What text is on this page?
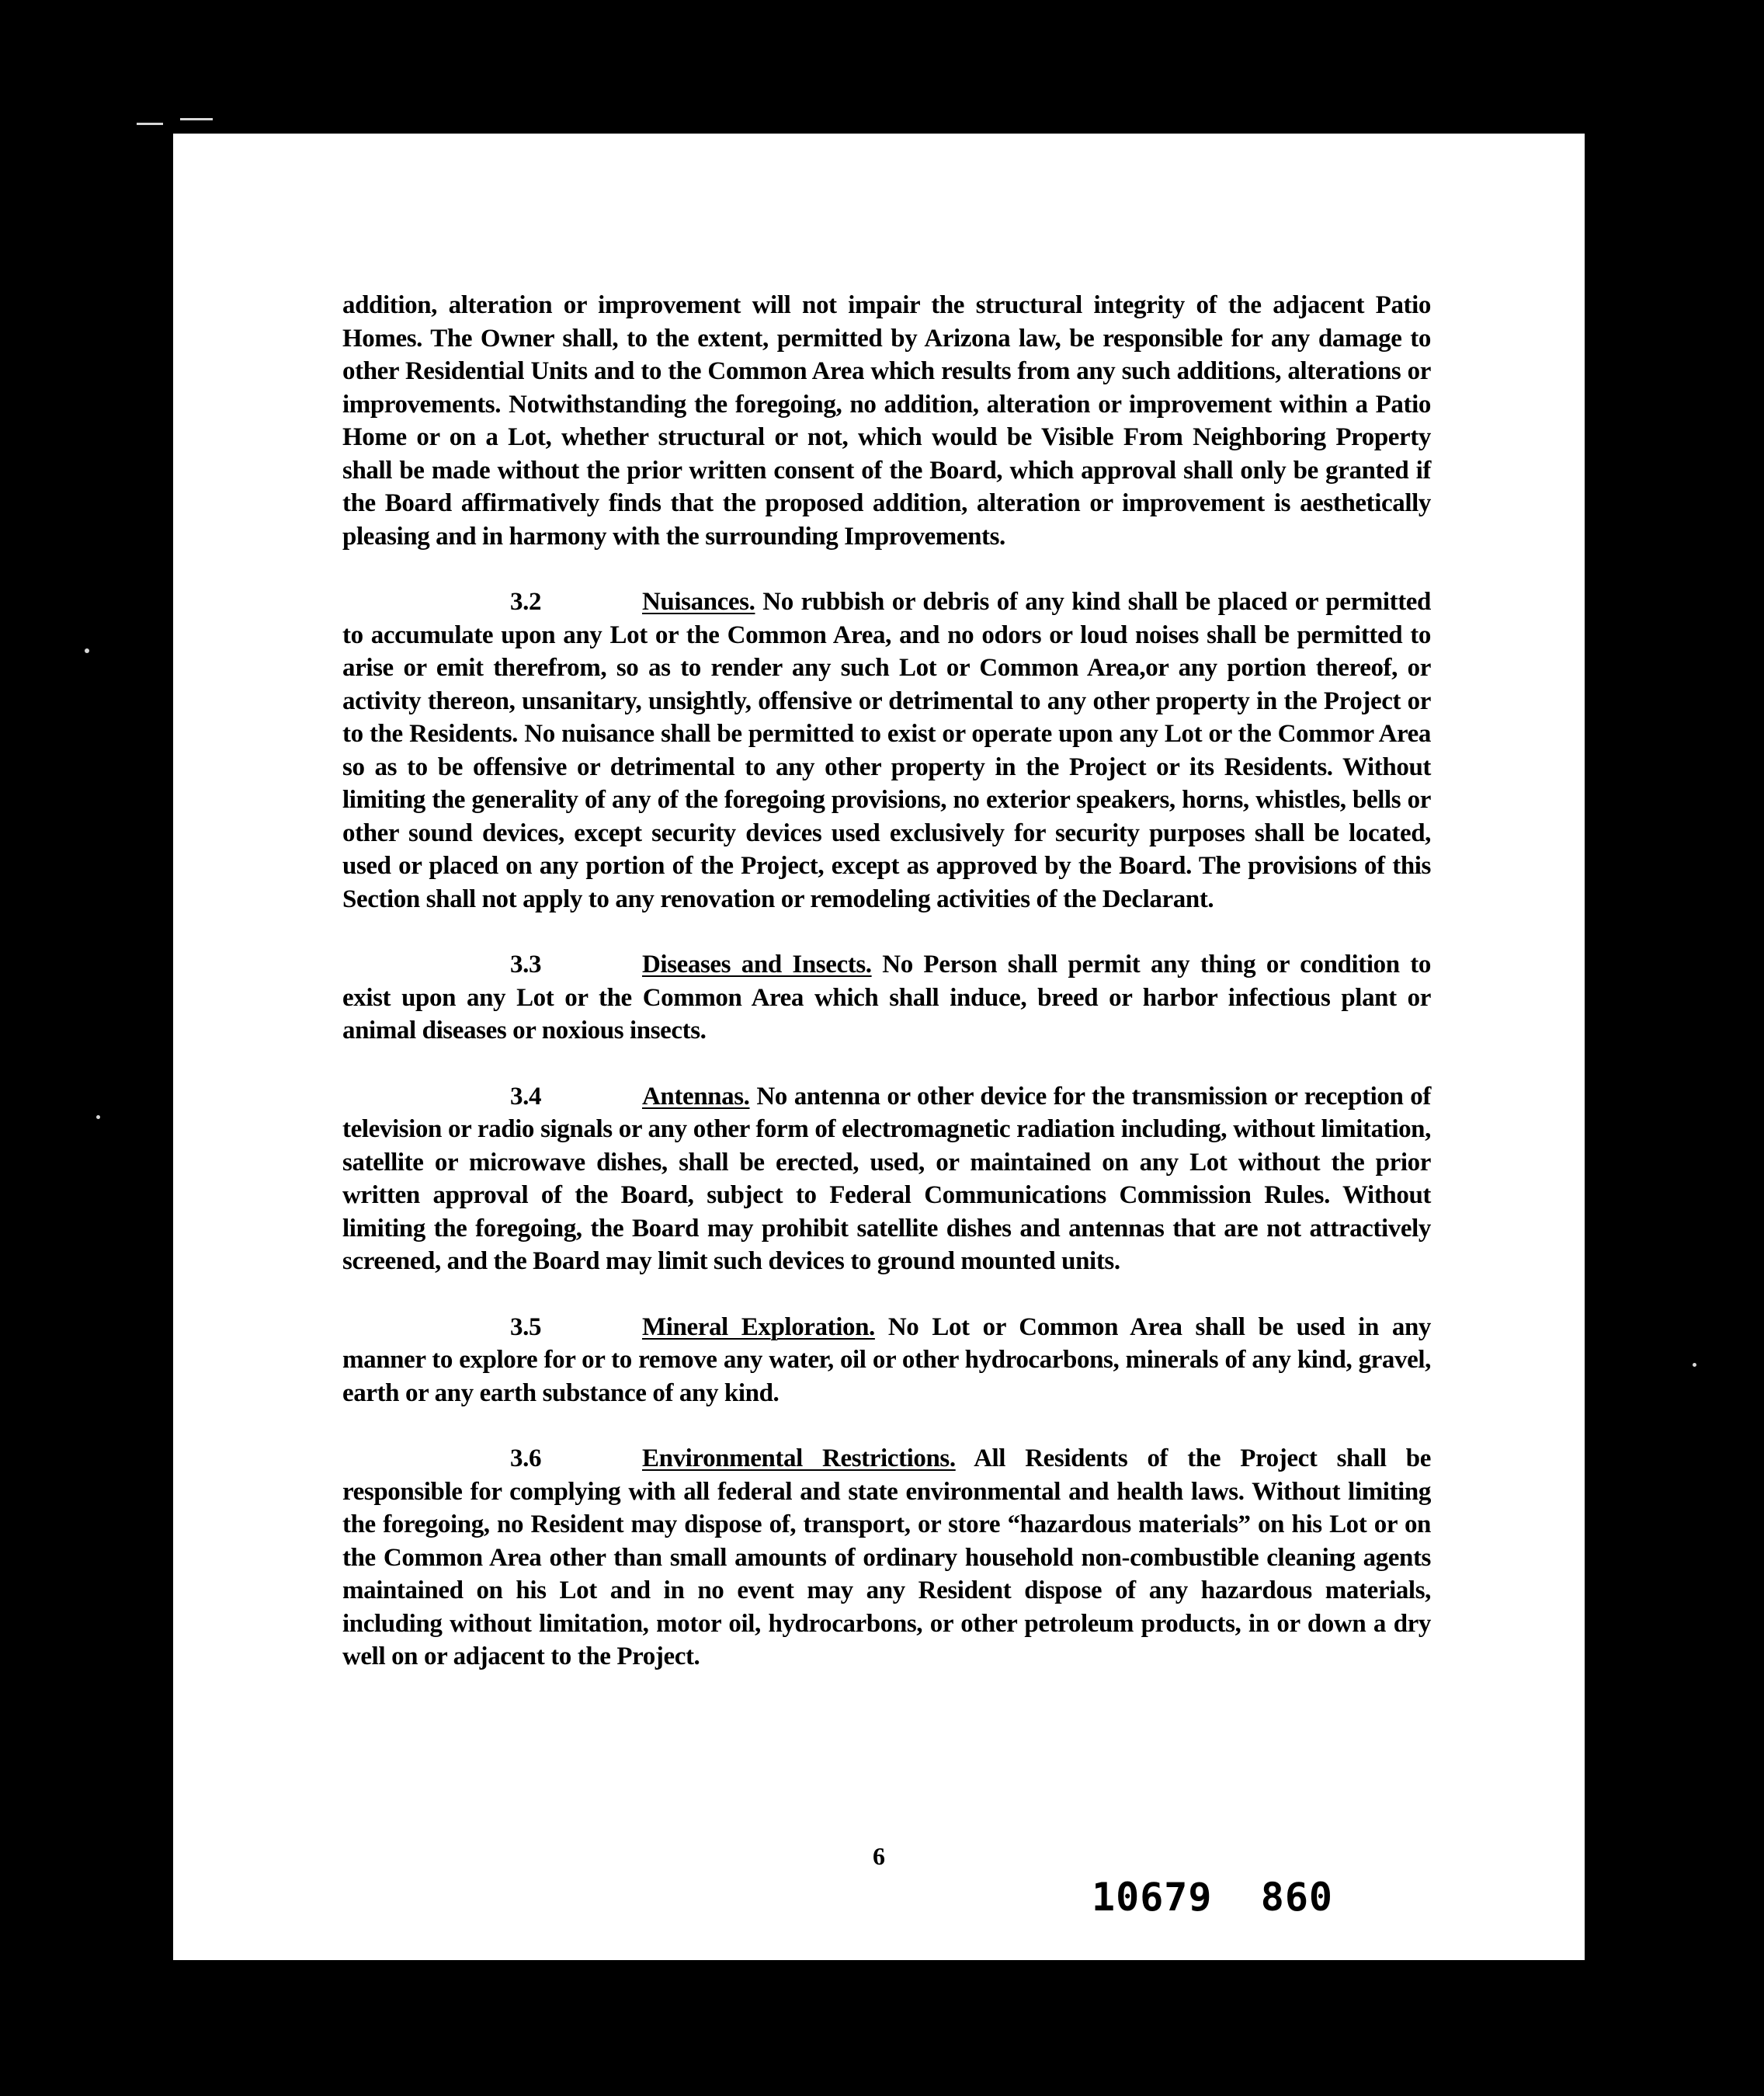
addition, alteration or improvement will not impair the structural integrity of the adjacent Patio Homes. The Owner shall, to the extent, permitted by Arizona law, be responsible for any damage to other Residential Units and to the Common Area which results from any such additions, alterations or improvements. Notwithstanding the foregoing, no addition, alteration or improvement within a Patio Home or on a Lot, whether structural or not, which would be Visible From Neighboring Property shall be made without the prior written consent of the Board, which approval shall only be granted if the Board affirmatively finds that the proposed addition, alteration or improvement is aesthetically pleasing and in harmony with the surrounding Improvements.

3.2	Nuisances. No rubbish or debris of any kind shall be placed or permitted to accumulate upon any Lot or the Common Area, and no odors or loud noises shall be permitted to arise or emit therefrom, so as to render any such Lot or Common Area,or any portion thereof, or activity thereon, unsanitary, unsightly, offensive or detrimental to any other property in the Project or to the Residents. No nuisance shall be permitted to exist or operate upon any Lot or the Commor Area so as to be offensive or detrimental to any other property in the Project or its Residents. Without limiting the generality of any of the foregoing provisions, no exterior speakers, horns, whistles, bells or other sound devices, except security devices used exclusively for security purposes shall be located, used or placed on any portion of the Project, except as approved by the Board. The provisions of this Section shall not apply to any renovation or remodeling activities of the Declarant.

3.3	Diseases and Insects. No Person shall permit any thing or condition to exist upon any Lot or the Common Area which shall induce, breed or harbor infectious plant or animal diseases or noxious insects.

3.4	Antennas. No antenna or other device for the transmission or reception of television or radio signals or any other form of electromagnetic radiation including, without limitation, satellite or microwave dishes, shall be erected, used, or maintained on any Lot without the prior written approval of the Board, subject to Federal Communications Commission Rules. Without limiting the foregoing, the Board may prohibit satellite dishes and antennas that are not attractively screened, and the Board may limit such devices to ground mounted units.

3.5	Mineral Exploration. No Lot or Common Area shall be used in any manner to explore for or to remove any water, oil or other hydrocarbons, minerals of any kind, gravel, earth or any earth substance of any kind.

3.6	Environmental Restrictions. All Residents of the Project shall be responsible for complying with all federal and state environmental and health laws. Without limiting the foregoing, no Resident may dispose of, transport, or store “hazardous materials” on his Lot or on the Common Area other than small amounts of ordinary household non-combustible cleaning agents maintained on his Lot and in no event may any Resident dispose of any hazardous materials, including without limitation, motor oil, hydrocarbons, or other petroleum products, in or down a dry well on or adjacent to the Project.

6
10679  860
